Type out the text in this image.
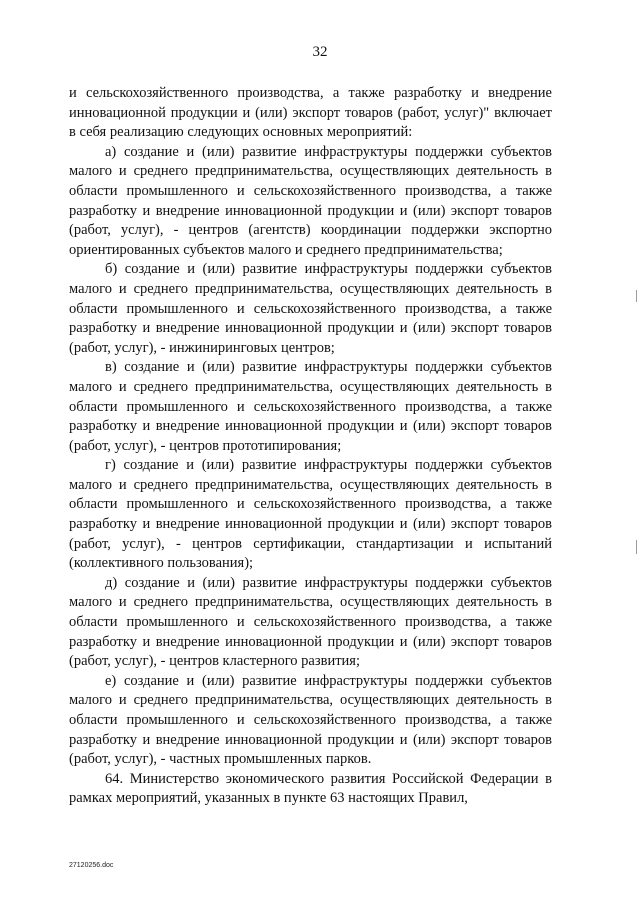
32

и сельскохозяйственного производства, а также разработку и внедрение инновационной продукции и (или) экспорт товаров (работ, услуг)" включает в себя реализацию следующих основных мероприятий:

а) создание и (или) развитие инфраструктуры поддержки субъектов малого и среднего предпринимательства, осуществляющих деятельность в области промышленного и сельскохозяйственного производства, а также разработку и внедрение инновационной продукции и (или) экспорт товаров (работ, услуг), - центров (агентств) координации поддержки экспортно ориентированных субъектов малого и среднего предпринимательства;

б) создание и (или) развитие инфраструктуры поддержки субъектов малого и среднего предпринимательства, осуществляющих деятельность в области промышленного и сельскохозяйственного производства, а также разработку и внедрение инновационной продукции и (или) экспорт товаров (работ, услуг), - инжиниринговых центров;

в) создание и (или) развитие инфраструктуры поддержки субъектов малого и среднего предпринимательства, осуществляющих деятельность в области промышленного и сельскохозяйственного производства, а также разработку и внедрение инновационной продукции и (или) экспорт товаров (работ, услуг), - центров прототипирования;

г) создание и (или) развитие инфраструктуры поддержки субъектов малого и среднего предпринимательства, осуществляющих деятельность в области промышленного и сельскохозяйственного производства, а также разработку и внедрение инновационной продукции и (или) экспорт товаров (работ, услуг), - центров сертификации, стандартизации и испытаний (коллективного пользования);

д) создание и (или) развитие инфраструктуры поддержки субъектов малого и среднего предпринимательства, осуществляющих деятельность в области промышленного и сельскохозяйственного производства, а также разработку и внедрение инновационной продукции и (или) экспорт товаров (работ, услуг), - центров кластерного развития;

е) создание и (или) развитие инфраструктуры поддержки субъектов малого и среднего предпринимательства, осуществляющих деятельность в области промышленного и сельскохозяйственного производства, а также разработку и внедрение инновационной продукции и (или) экспорт товаров (работ, услуг), - частных промышленных парков.

64. Министерство экономического развития Российской Федерации в рамках мероприятий, указанных в пункте 63 настоящих Правил,

27120256.doc
